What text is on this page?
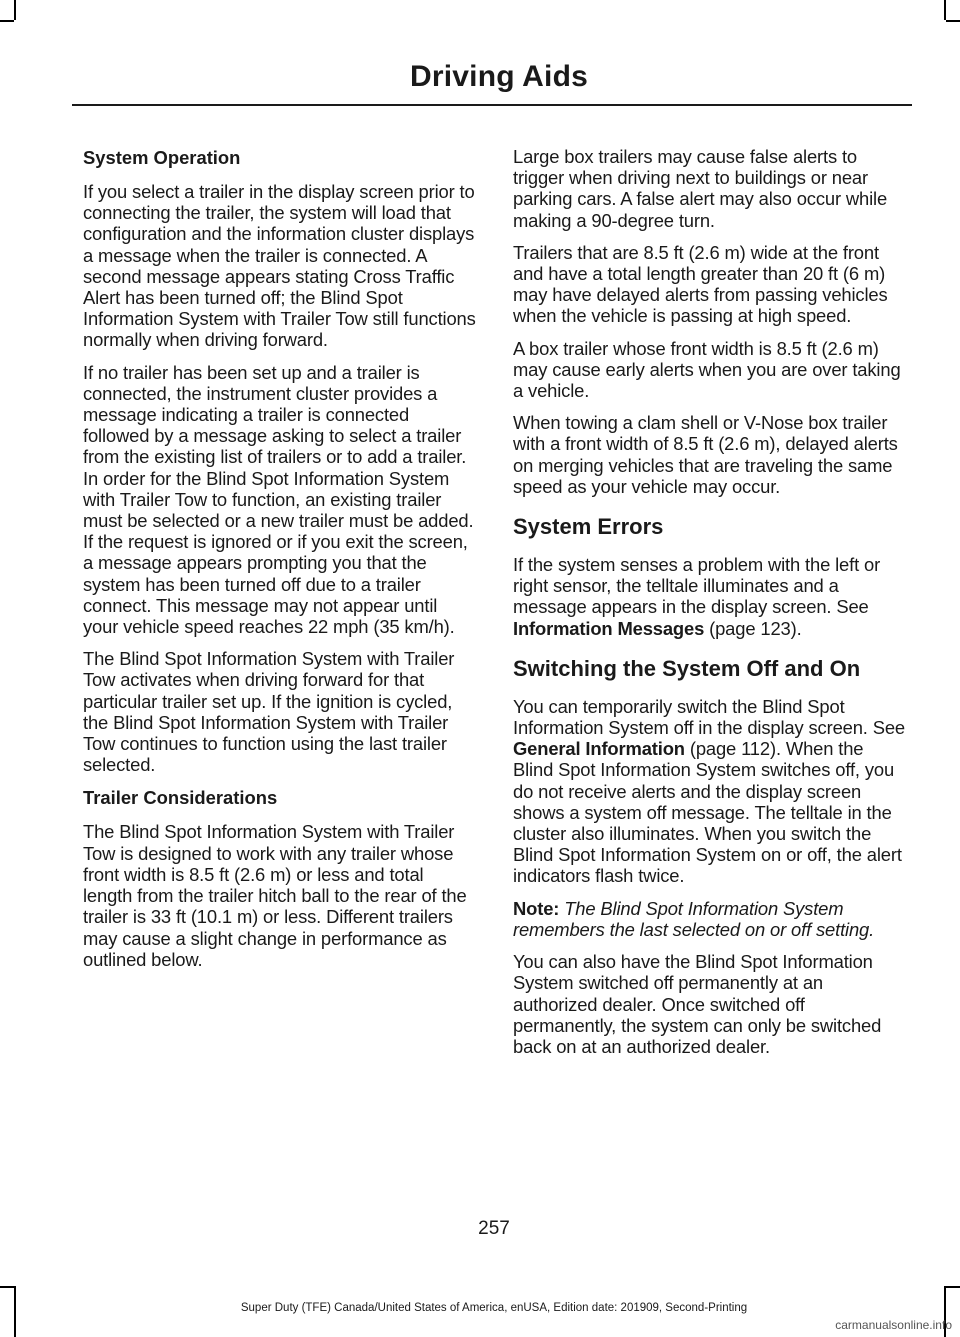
Driving Aids
System Operation

If you select a trailer in the display screen prior to connecting the trailer, the system will load that configuration and the information cluster displays a message when the trailer is connected. A second message appears stating Cross Traffic Alert has been turned off; the Blind Spot Information System with Trailer Tow still functions normally when driving forward.

If no trailer has been set up and a trailer is connected, the instrument cluster provides a message indicating a trailer is connected followed by a message asking to select a trailer from the existing list of trailers or to add a trailer. In order for the Blind Spot Information System with Trailer Tow to function, an existing trailer must be selected or a new trailer must be added. If the request is ignored or if you exit the screen, a message appears prompting you that the system has been turned off due to a trailer connect. This message may not appear until your vehicle speed reaches 22 mph (35 km/h).

The Blind Spot Information System with Trailer Tow activates when driving forward for that particular trailer set up. If the ignition is cycled, the Blind Spot Information System with Trailer Tow continues to function using the last trailer selected.

Trailer Considerations

The Blind Spot Information System with Trailer Tow is designed to work with any trailer whose front width is 8.5 ft (2.6 m) or less and total length from the trailer hitch ball to the rear of the trailer is 33 ft (10.1 m) or less. Different trailers may cause a slight change in performance as outlined below.

Large box trailers may cause false alerts to trigger when driving next to buildings or near parking cars. A false alert may also occur while making a 90-degree turn.

Trailers that are 8.5 ft (2.6 m) wide at the front and have a total length greater than 20 ft (6 m) may have delayed alerts from passing vehicles when the vehicle is passing at high speed.

A box trailer whose front width is 8.5 ft (2.6 m) may cause early alerts when you are over taking a vehicle.

When towing a clam shell or V-Nose box trailer with a front width of 8.5 ft (2.6 m), delayed alerts on merging vehicles that are traveling the same speed as your vehicle may occur.

System Errors

If the system senses a problem with the left or right sensor, the telltale illuminates and a message appears in the display screen. See Information Messages (page 123).

Switching the System Off and On

You can temporarily switch the Blind Spot Information System off in the display screen. See General Information (page 112). When the Blind Spot Information System switches off, you do not receive alerts and the display screen shows a system off message. The telltale in the cluster also illuminates. When you switch the Blind Spot Information System on or off, the alert indicators flash twice.

Note: The Blind Spot Information System remembers the last selected on or off setting.

You can also have the Blind Spot Information System switched off permanently at an authorized dealer. Once switched off permanently, the system can only be switched back on at an authorized dealer.

257
Super Duty (TFE) Canada/United States of America, enUSA, Edition date: 201909, Second-Printing
carmanualsonline.info
